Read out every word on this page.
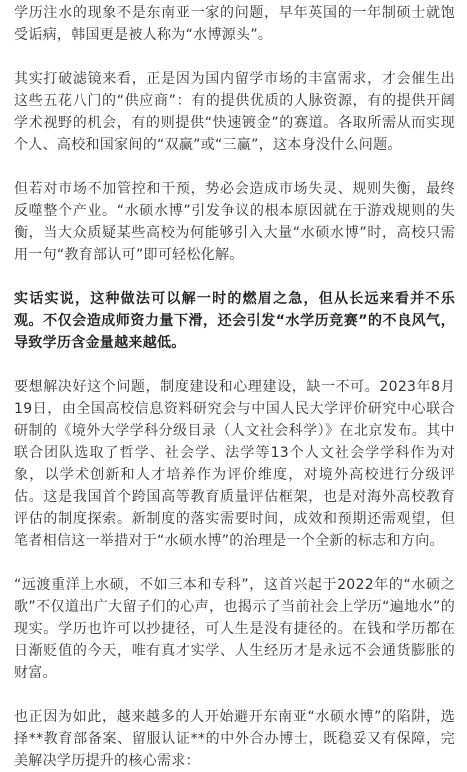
学历注水的现象不是东南亚一家的问题，早年英国的一年制硕士就饱受诟病，韩国更是被人称为“水博源头”。

其实打破滤镜来看，正是因为国内留学市场的丰富需求，才会催生出这些五花八门的“供应商”：有的提供优质的人脉资源，有的提供开阔学术视野的机会，有的则提供“快速镀金”的赛道。各取所需从而实现个人、高校和国家间的“双赢”或“三赢”，这本身没什么问题。

但若对市场不加管控和干预，势必会造成市场失灵、规则失衡，最终反噬整个产业。“水硕水博”引发争议的根本原因就在于游戏规则的失衡，当大众质疑某些高校为何能够引入大量“水硕水博”时，高校只需用一句“教育部认可”即可轻松化解。

实话实说，这种做法可以解一时的燃眉之急，但从长远来看并不乐观。不仅会造成师资力量下滑，还会引发“水学历竞赛”的不良风气，导致学历含金量越来越低。

要想解决好这个问题，制度建设和心理建设，缺一不可。2023年8月19日，由全国高校信息资料研究会与中国人民大学评价研究中心联合研制的《境外大学学科分级目录（人文社会科学）》在北京发布。其中联合团队选取了哲学、社会学、法学等13个人文社会学学科作为对象，以学术创新和人才培养作为评价维度，对境外高校进行分级评估。这是我国首个跨国高等教育质量评估框架，也是对海外高校教育评估的制度探索。新制度的落实需要时间，成效和预期还需观望，但笔者相信这一举措对于“水硕水博”的治理是一个全新的标志和方向。

“远渡重洋上水硕，不如三本和专科”，这首兴起于2022年的“水硕之歌”不仅道出广大留子们的心声，也揭示了当前社会上学历“遍地水”的现实。学历也许可以抄捷径，可人生是没有捷径的。在钱和学历都在日渐贬值的今天，唯有真才实学、人生经历才是永远不会通货膨胀的财富。

也正因为如此，越来越多的人开始避开东南亚“水硕水博”的陷阱，选择**教育部备案、留服认证**的中外合办博士，既稳妥又有保障，完美解决学历提升的核心需求：
